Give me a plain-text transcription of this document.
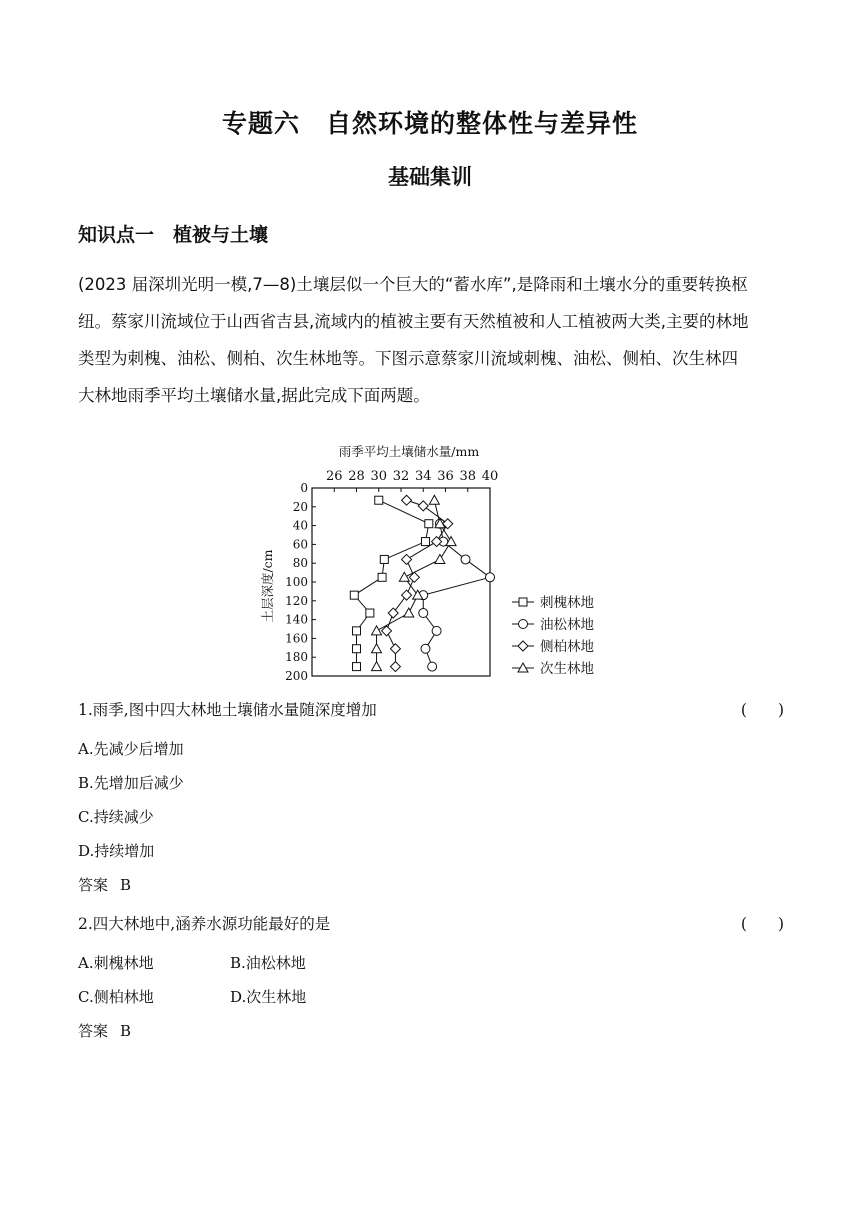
专题六　自然环境的整体性与差异性
基础集训
知识点一　植被与土壤

(2023 届深圳光明一模,7—8)土壤层似一个巨大的“蓄水库”,是降雨和土壤水分的重要转换枢

纽。蔡家川流域位于山西省吉县,流域内的植被主要有天然植被和人工植被两大类,主要的林地

类型为刺槐、油松、侧柏、次生林地等。下图示意蔡家川流域刺槐、油松、侧柏、次生林四

大林地雨季平均土壤储水量,据此完成下面两题。

雨季平均土壤储水量/mm
26 28 30 32 34 36 38 40
0
20
40
60
80
100
120
140
160
180
200
土层深度/cm	刺槐林地
油松林地
侧柏林地
次生林地
1.雨季,图中四大林地土壤储水量随深度增加	(　　)
A.先减少后增加
B.先增加后减少
C.持续减少
D.持续增加
答案 B
2.四大林地中,涵养水源功能最好的是	(　　)
A.刺槐林地	B.油松林地
C.侧柏林地	D.次生林地
答案 B
